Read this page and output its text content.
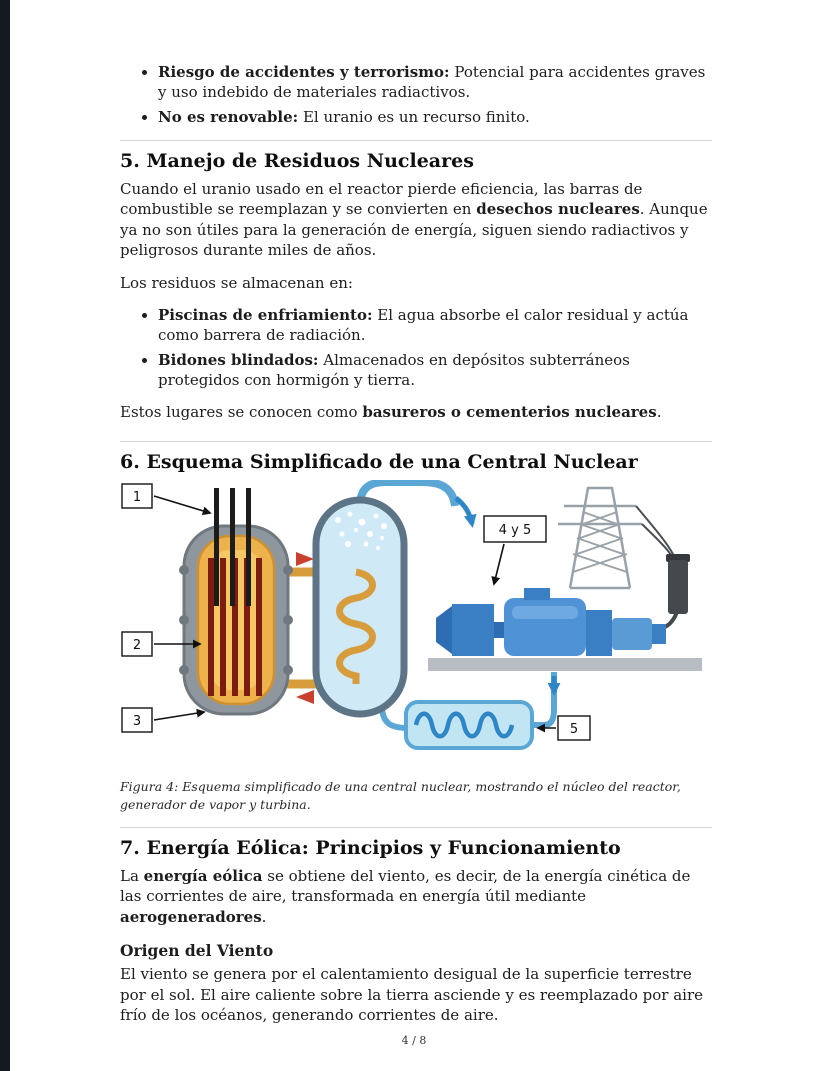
• Riesgo de accidentes y terrorismo: Potencial para accidentes graves y uso indebido de materiales radiactivos.
• No es renovable: El uranio es un recurso finito.
5. Manejo de Residuos Nucleares

Cuando el uranio usado en el reactor pierde eficiencia, las barras de combustible se reemplazan y se convierten en desechos nucleares. Aunque ya no son útiles para la generación de energía, siguen siendo radiactivos y peligrosos durante miles de años.

Los residuos se almacenan en:

• Piscinas de enfriamiento: El agua absorbe el calor residual y actúa como barrera de radiación.
• Bidones blindados: Almacenados en depósitos subterráneos protegidos con hormigón y tierra.

Estos lugares se conocen como basureros o cementerios nucleares.

6. Esquema Simplificado de una Central Nuclear
1
2
3
4 y 5
5

Figura 4: Esquema simplificado de una central nuclear, mostrando el núcleo del reactor, generador de vapor y turbina.

7. Energía Eólica: Principios y Funcionamiento

La energía eólica se obtiene del viento, es decir, de la energía cinética de las corrientes de aire, transformada en energía útil mediante aerogeneradores.

Origen del Viento

El viento se genera por el calentamiento desigual de la superficie terrestre por el sol. El aire caliente sobre la tierra asciende y es reemplazado por aire frío de los océanos, generando corrientes de aire.

4 / 8
